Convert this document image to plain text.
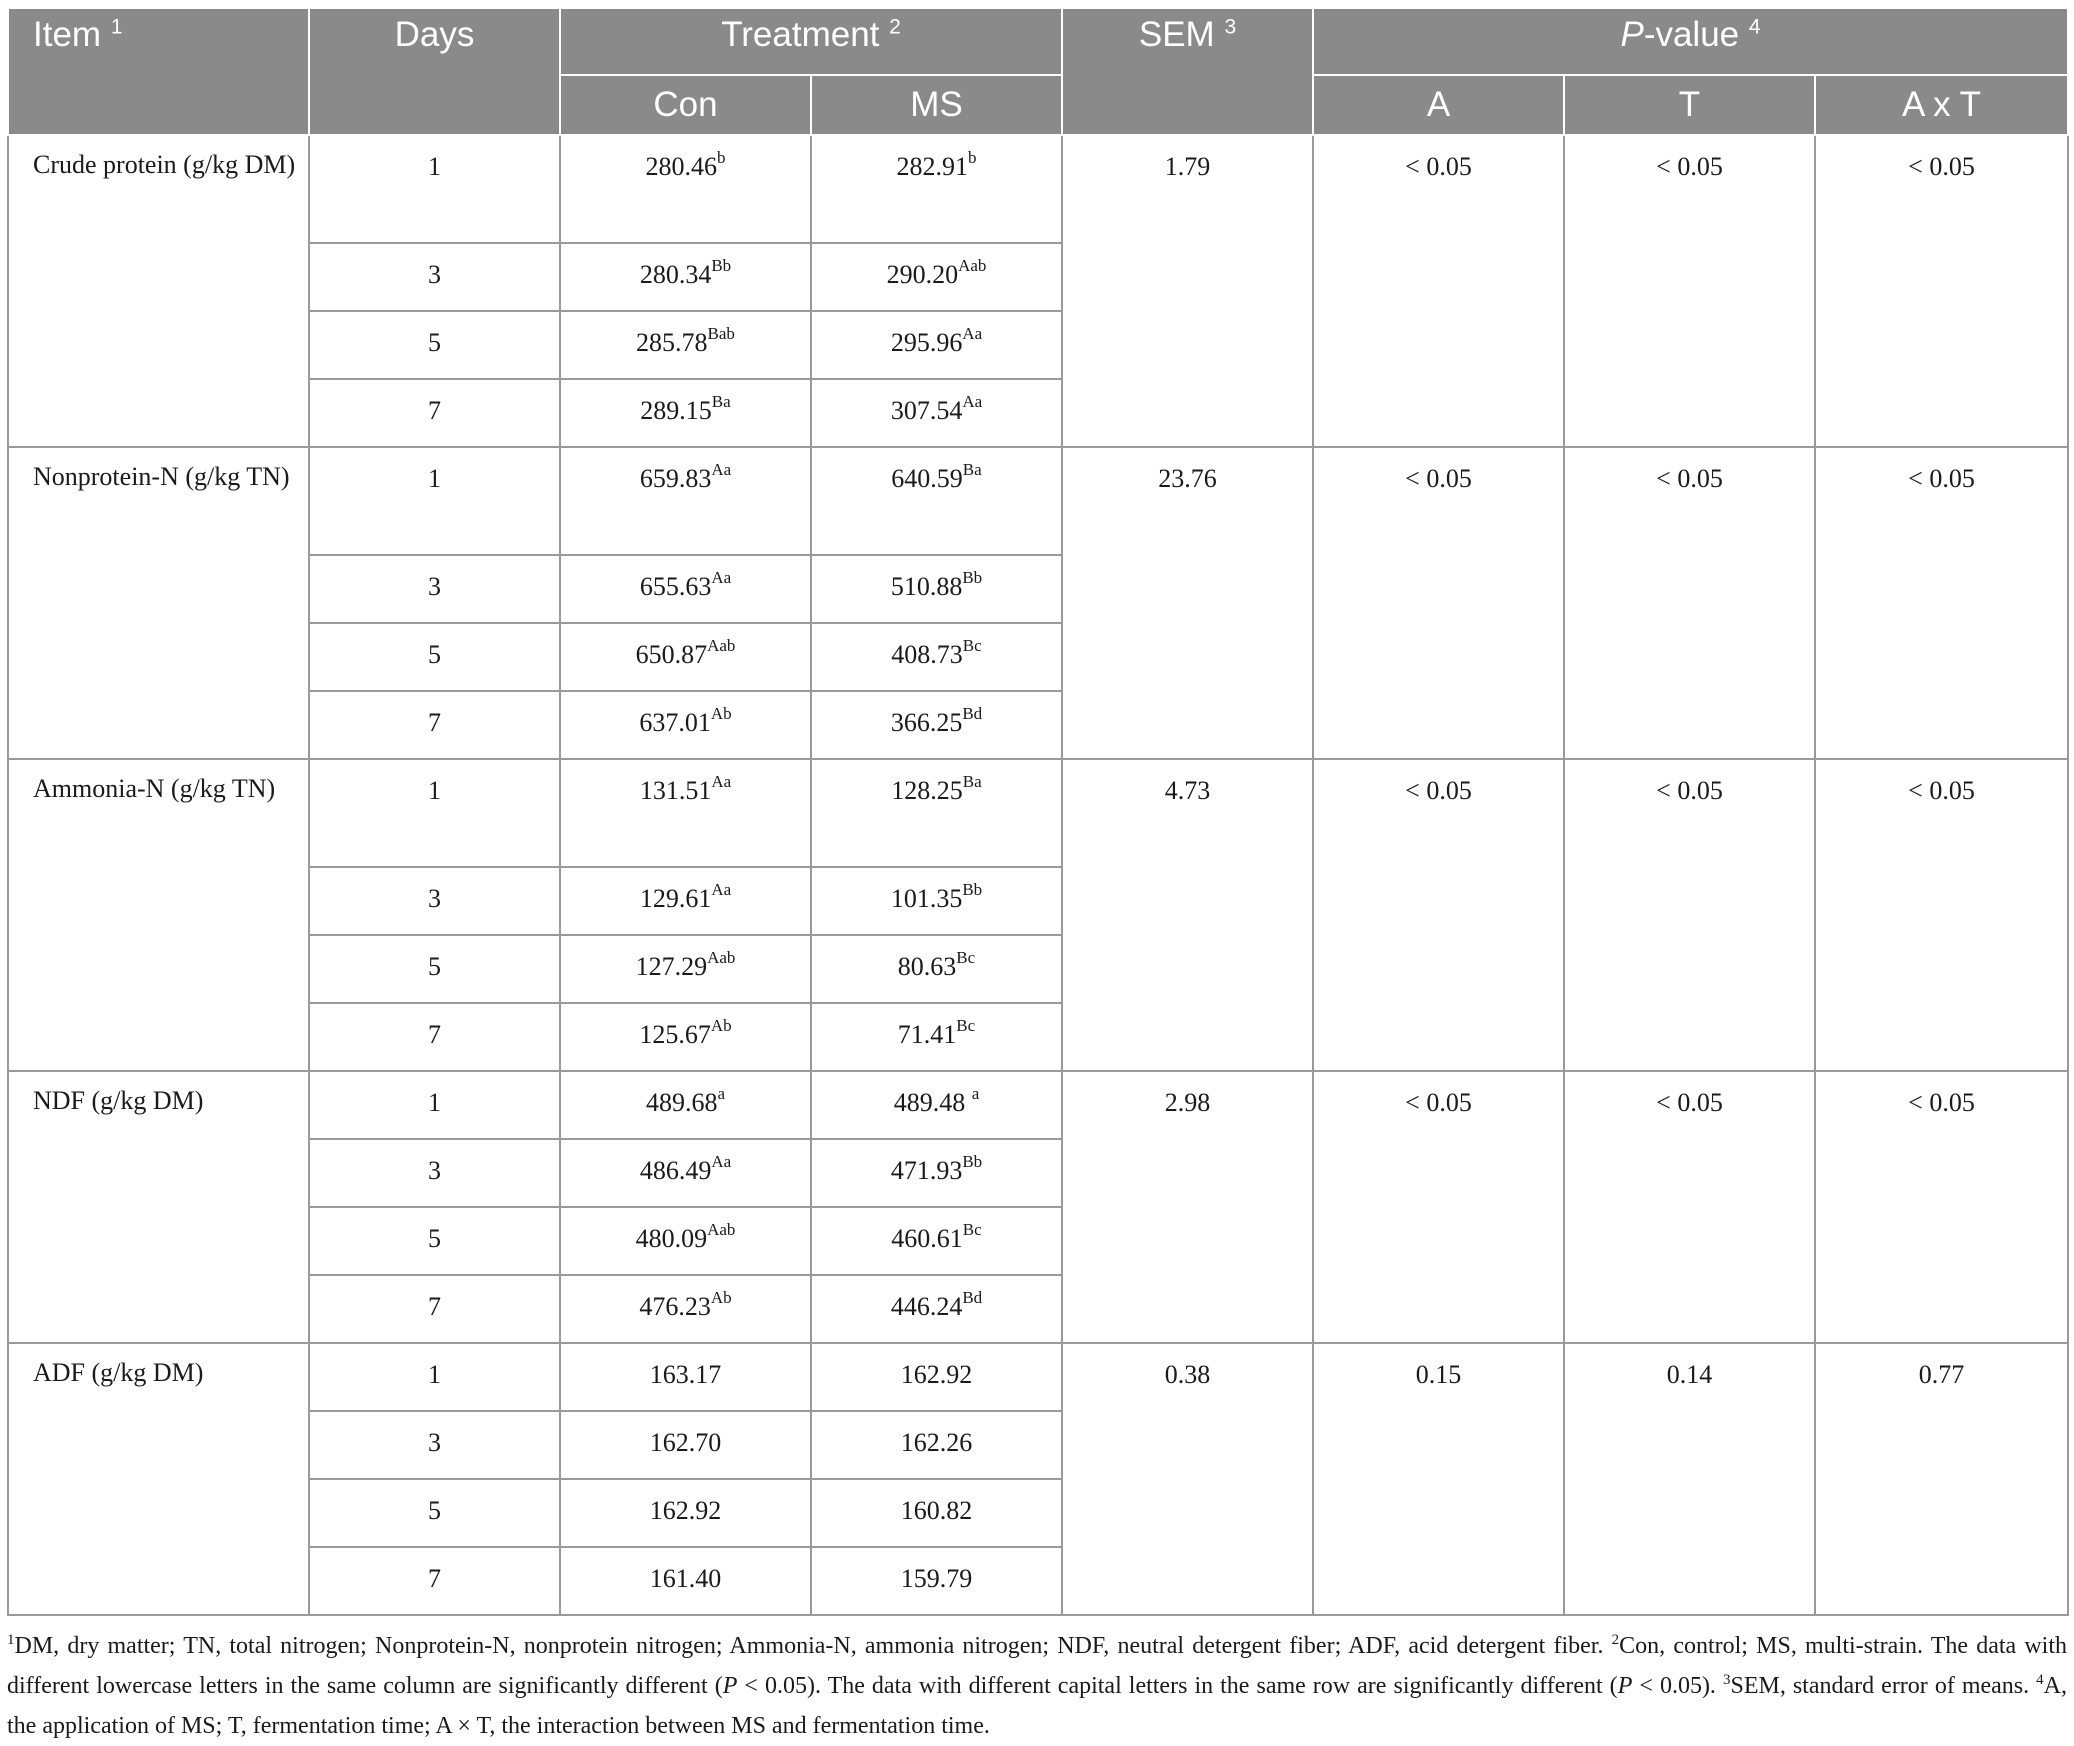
Item $^1$	Days	Treatment $^2$		SEM $^3$	P-value $^4$
		Con	MS		A	T	A x T
Crude protein (g/kg DM)	1	280.46$^b$	282.91$^b$	1.79	< 0.05	< 0.05	< 0.05
	3	$280.34^{Bb}$	$290.20^{Aab}$
	5	$285.78^{Bab}$	$295.96^{Aa}$
	7	$289.15^{Ba}$	$307.54^{Aa}$
Nonprotein-N (g/kg TN)	1	$659.83^{Aa}$	$640.59^{Ba}$	23.76	< 0.05	< 0.05	< 0.05
	3	$655.63^{Aa}$	$510.88^{Bb}$
	5	$650.87^{Aab}$	$408.73^{Bc}$
	7	$637.01^{Ab}$	$366.25^{Bd}$
Ammonia-N (g/kg TN)	1	$131.51^{Aa}$	$128.25^{Ba}$	4.73	< 0.05	< 0.05	< 0.05
	3	$129.61^{Aa}$	$101.35^{Bb}$
	5	$127.29^{Aab}$	$80.63^{Bc}$
	7	$125.67^{Ab}$	$71.41^{Bc}$
NDF (g/kg DM)	1	489.68$^a$	489.48 $^a$	2.98	< 0.05	< 0.05	< 0.05
	3	$486.49^{Aa}$	$471.93^{Bb}$
	5	$480.09^{Aab}$	$460.61^{Bc}$
	7	$476.23^{Ab}$	$446.24^{Bd}$
ADF (g/kg DM)	1	163.17	162.92	0.38	0.15	0.14	0.77
	3	162.70	162.26				
	5	162.92	160.82				
	7	161.40	159.79				
$^1$DM, dry matter; TN, total nitrogen; Nonprotein-N, nonprotein nitrogen; Ammonia-N, ammonia nitrogen; NDF, neutral detergent fiber; ADF, acid detergent fiber. $^2$Con, control; MS, multi-strain. The data with different lowercase letters in the same column are significantly different (P < 0.05). The data with different capital letters in the same row are significantly different (P < 0.05). $^3$SEM, standard error of means. $^4$A, the application of MS; T, fermentation time; A × T, the interaction between MS and fermentation time.
